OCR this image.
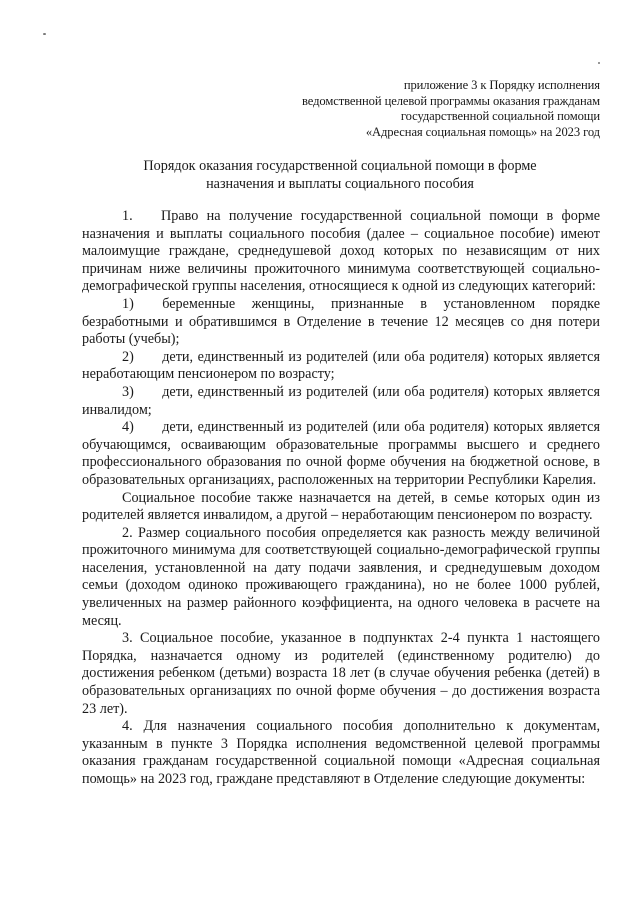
приложение 3 к Порядку исполнения
ведомственной целевой программы оказания гражданам
государственной социальной помощи
«Адресная социальная помощь» на 2023 год
Порядок оказания государственной социальной помощи в форме
назначения и выплаты социального пособия

1.  Право на получение государственной социальной помощи в форме назначения и выплаты социального пособия (далее – социальное пособие) имеют малоимущие граждане, среднедушевой доход которых по независящим от них причинам ниже величины прожиточного минимума соответствующей социально-демографической группы населения, относящиеся к одной из следующих категорий:

1)  беременные женщины, признанные в установленном порядке безработными и обратившимся в Отделение в течение 12 месяцев со дня потери работы (учебы);

2)  дети, единственный из родителей (или оба родителя) которых является неработающим пенсионером по возрасту;

3)  дети, единственный из родителей (или оба родителя) которых является инвалидом;

4)  дети, единственный из родителей (или оба родителя) которых является обучающимся, осваивающим образовательные программы высшего и среднего профессионального образования по очной форме обучения на бюджетной основе, в образовательных организациях, расположенных на территории Республики Карелия.

Социальное пособие также назначается на детей, в семье которых один из родителей является инвалидом, а другой – неработающим пенсионером по возрасту.

2. Размер социального пособия определяется как разность между величиной прожиточного минимума для соответствующей социально-демографической группы населения, установленной на дату подачи заявления, и среднедушевым доходом семьи (доходом одиноко проживающего гражданина), но не более 1000 рублей, увеличенных на размер районного коэффициента, на одного человека в расчете на месяц.

3. Социальное пособие, указанное в подпунктах 2-4 пункта 1 настоящего Порядка, назначается одному из родителей (единственному родителю) до достижения ребенком (детьми) возраста 18 лет (в случае обучения ребенка (детей) в образовательных организациях по очной форме обучения – до достижения возраста 23 лет).

4. Для назначения социального пособия дополнительно к документам, указанным в пункте 3 Порядка исполнения ведомственной целевой программы оказания гражданам государственной социальной помощи «Адресная социальная помощь» на 2023 год, граждане представляют в Отделение следующие документы:
